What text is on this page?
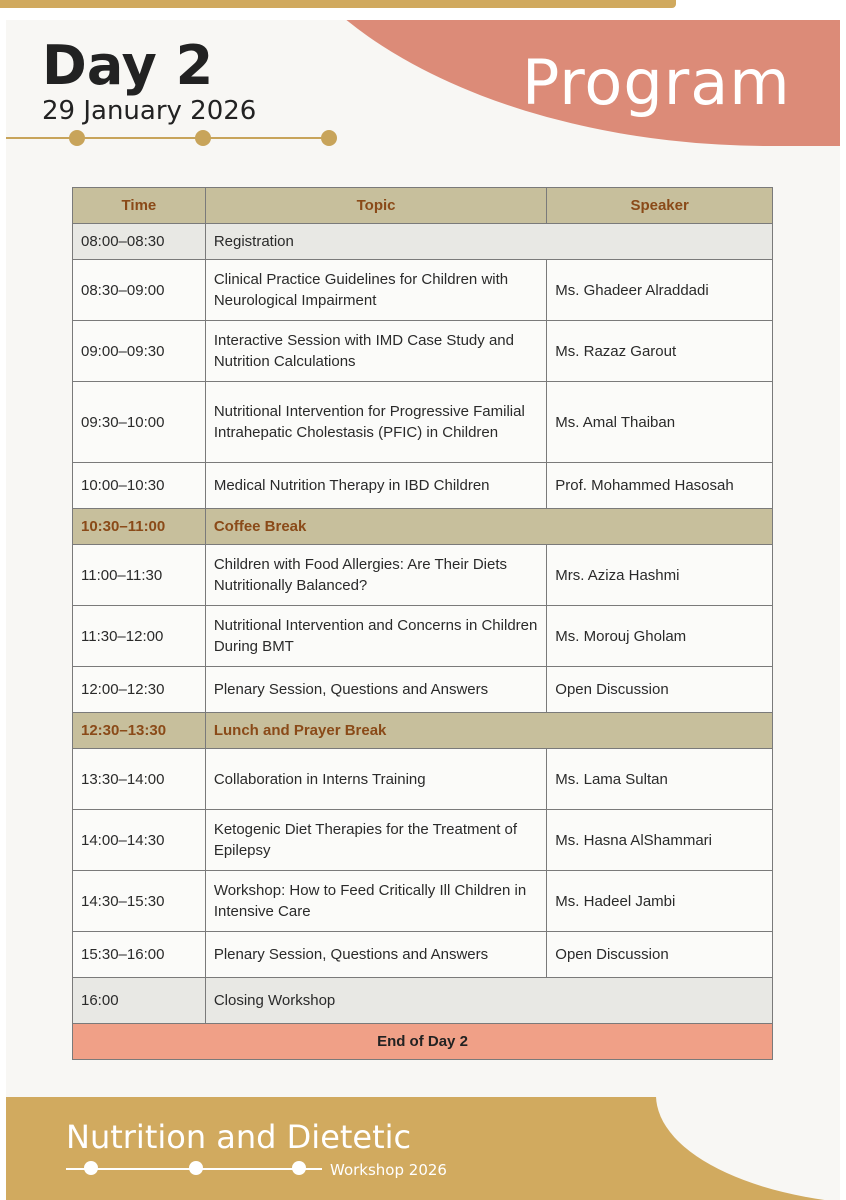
Program
Day 2
29 January 2026
Time	Topic	Speaker
08:00–08:30	Registration	
08:30–09:00	Clinical Practice Guidelines for Children with Neurological Impairment	Ms. Ghadeer Alraddadi
09:00–09:30	Interactive Session with IMD Case Study and Nutrition Calculations	Ms. Razaz Garout
09:30–10:00	Nutritional Intervention for Progressive Familial Intrahepatic Cholestasis (PFIC) in Children	Ms. Amal Thaiban
10:00–10:30	Medical Nutrition Therapy in IBD Children	Prof. Mohammed Hasosah
10:30–11:00	Coffee Break	
11:00–11:30	Children with Food Allergies: Are Their Diets Nutritionally Balanced?	Mrs. Aziza Hashmi
11:30–12:00	Nutritional Intervention and Concerns in Children During BMT	Ms. Morouj Gholam
12:00–12:30	Plenary Session, Questions and Answers	Open Discussion
12:30–13:30	Lunch and Prayer Break	
13:30–14:00	Collaboration in Interns Training	Ms. Lama Sultan
14:00–14:30	Ketogenic Diet Therapies for the Treatment of Epilepsy	Ms. Hasna AlShammari
14:30–15:30	Workshop: How to Feed Critically Ill Children in Intensive Care	Ms. Hadeel Jambi
15:30–16:00	Plenary Session, Questions and Answers	Open Discussion
16:00	Closing Workshop	
End of Day 2		
Nutrition and Dietetic
Workshop 2026
